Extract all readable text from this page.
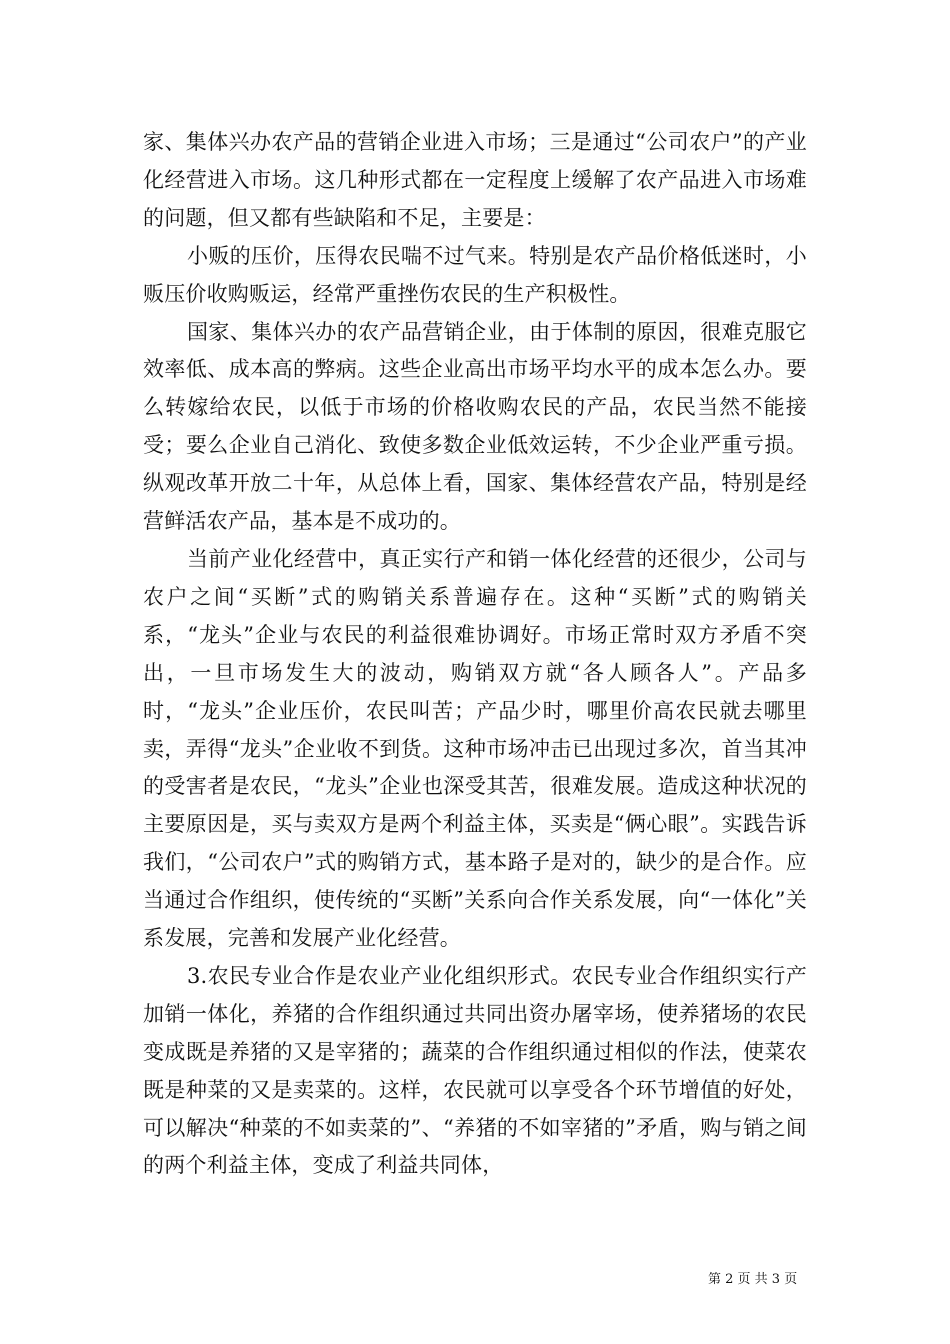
家、集体兴办农产品的营销企业进入市场；三是通过“公司农户”的产业化经营进入市场。这几种形式都在一定程度上缓解了农产品进入市场难的问题，但又都有些缺陷和不足，主要是：

小贩的压价，压得农民喘不过气来。特别是农产品价格低迷时，小贩压价收购贩运，经常严重挫伤农民的生产积极性。

国家、集体兴办的农产品营销企业，由于体制的原因，很难克服它效率低、成本高的弊病。这些企业高出市场平均水平的成本怎么办。要么转嫁给农民，以低于市场的价格收购农民的产品，农民当然不能接受；要么企业自己消化、致使多数企业低效运转，不少企业严重亏损。纵观改革开放二十年，从总体上看，国家、集体经营农产品，特别是经营鲜活农产品，基本是不成功的。

当前产业化经营中，真正实行产和销一体化经营的还很少，公司与农户之间“买断”式的购销关系普遍存在。这种“买断”式的购销关系，“龙头”企业与农民的利益很难协调好。市场正常时双方矛盾不突出，一旦市场发生大的波动，购销双方就“各人顾各人”。产品多时，“龙头”企业压价，农民叫苦；产品少时，哪里价高农民就去哪里卖，弄得“龙头”企业收不到货。这种市场冲击已出现过多次，首当其冲的受害者是农民，“龙头”企业也深受其苦，很难发展。造成这种状况的主要原因是，买与卖双方是两个利益主体，买卖是“俩心眼”。实践告诉我们，“公司农户”式的购销方式，基本路子是对的，缺少的是合作。应当通过合作组织，使传统的“买断”关系向合作关系发展，向“一体化”关系发展，完善和发展产业化经营。

3.农民专业合作是农业产业化组织形式。农民专业合作组织实行产加销一体化，养猪的合作组织通过共同出资办屠宰场，使养猪场的农民变成既是养猪的又是宰猪的；蔬菜的合作组织通过相似的作法，使菜农既是种菜的又是卖菜的。这样，农民就可以享受各个环节增值的好处，可以解决“种菜的不如卖菜的”、“养猪的不如宰猪的”矛盾，购与销之间的两个利益主体，变成了利益共同体，

第 2 页 共 3 页
